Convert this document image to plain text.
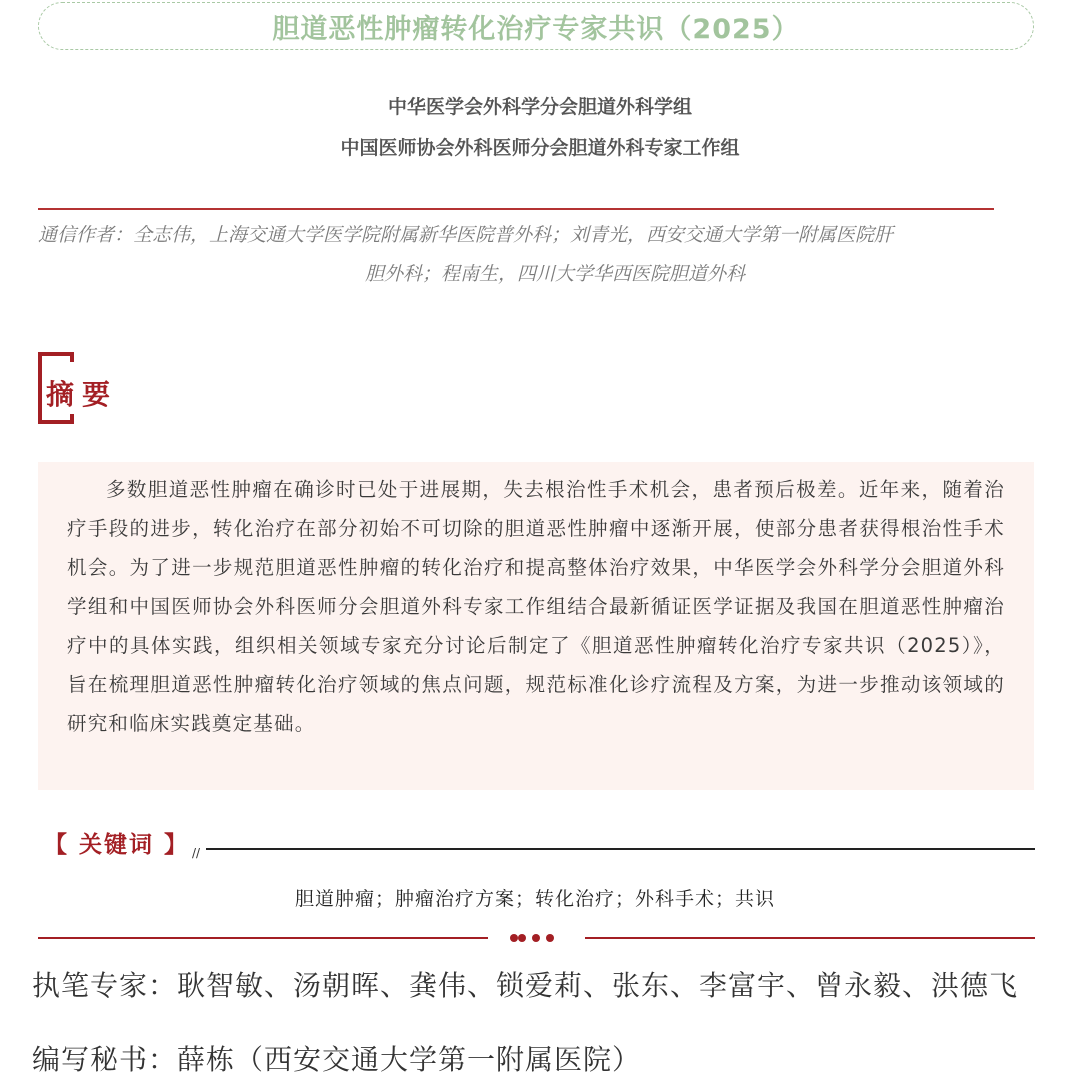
胆道恶性肿瘤转化治疗专家共识（2025）
中华医学会外科学分会胆道外科学组
中国医师协会外科医师分会胆道外科专家工作组
通信作者：全志伟，上海交通大学医学院附属新华医院普外科；刘青光，西安交通大学第一附属医院肝
胆外科；程南生，四川大学华西医院胆道外科
摘要
多数胆道恶性肿瘤在确诊时已处于进展期，失去根治性手术机会，患者预后极差。近年来，随着治疗手段的进步，转化治疗在部分初始不可切除的胆道恶性肿瘤中逐渐开展，使部分患者获得根治性手术机会。为了进一步规范胆道恶性肿瘤的转化治疗和提高整体治疗效果，中华医学会外科学分会胆道外科学组和中国医师协会外科医师分会胆道外科专家工作组结合最新循证医学证据及我国在胆道恶性肿瘤治疗中的具体实践，组织相关领域专家充分讨论后制定了《胆道恶性肿瘤转化治疗专家共识（2025）》，旨在梳理胆道恶性肿瘤转化治疗领域的焦点问题，规范标准化诊疗流程及方案，为进一步推动该领域的研究和临床实践奠定基础。
【 关键词 】 //
胆道肿瘤；肿瘤治疗方案；转化治疗；外科手术；共识
执笔专家：耿智敏、汤朝晖、龚伟、锁爱莉、张东、李富宇、曾永毅、洪德飞
编写秘书：薛栋（西安交通大学第一附属医院）
